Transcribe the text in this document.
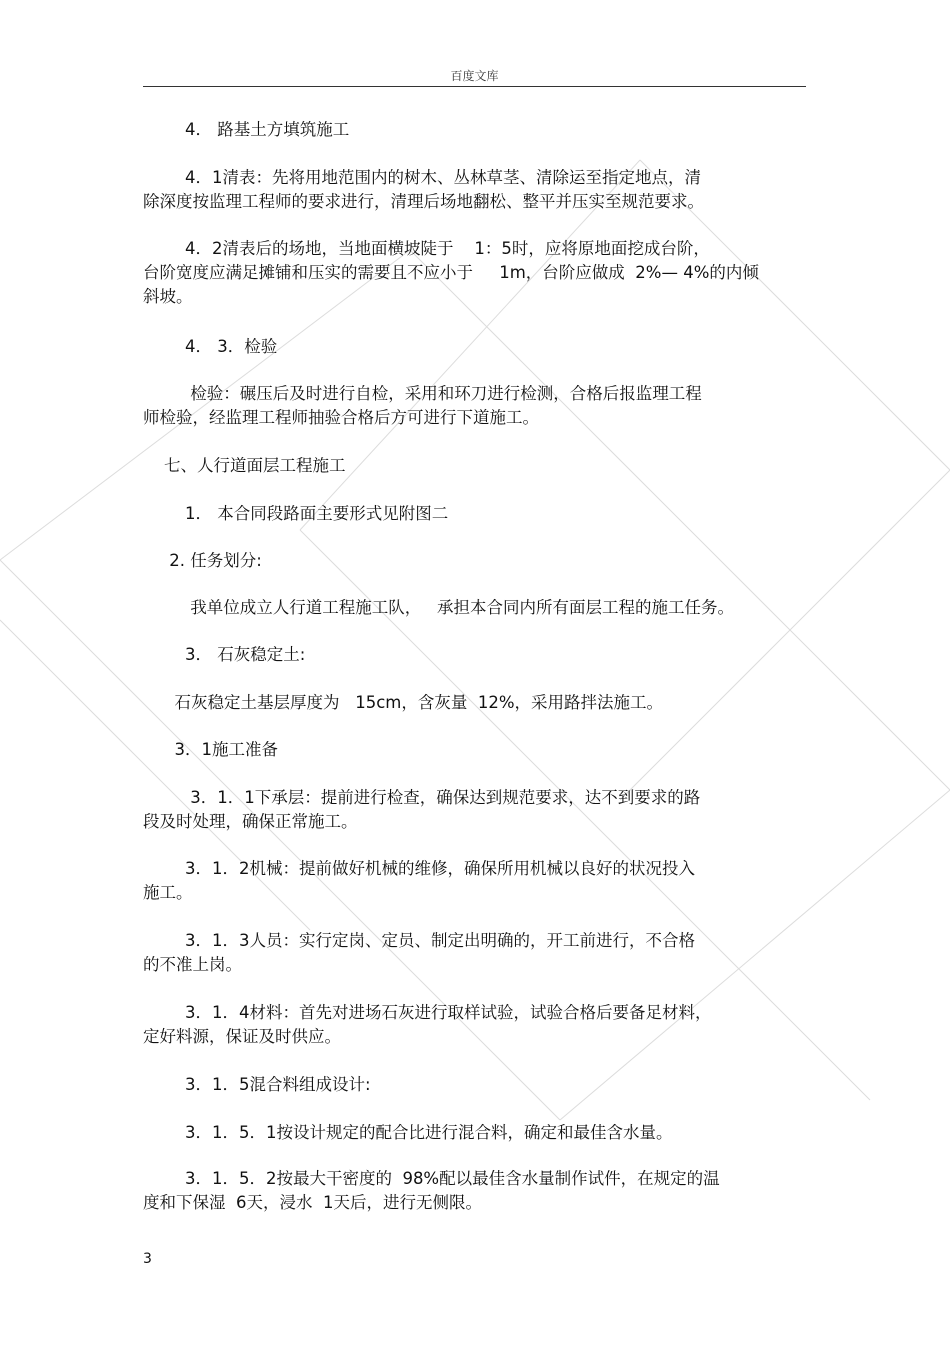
百度文库
4． 路基土方填筑施工
4．1清表：先将用地范围内的树木、丛林草茎、清除运至指定地点，清
除深度按监理工程师的要求进行，清理后场地翻松、整平并压实至规范要求。
4．2清表后的场地，当地面横坡陡于    1：5时，应将原地面挖成台阶，
台阶宽度应满足摊铺和压实的需要且不应小于     1m，台阶应做成  2%— 4%的内倾
斜坡。
4． 3．检验
检验：碾压后及时进行自检，采用和环刀进行检测，合格后报监理工程
师检验，经监理工程师抽验合格后方可进行下道施工。
七、人行道面层工程施工
1． 本合同段路面主要形式见附图二
2. 任务划分:
我单位成立人行道工程施工队，   承担本合同内所有面层工程的施工任务。
3． 石灰稳定土:
石灰稳定土基层厚度为   15cm，含灰量  12%，采用路拌法施工。
3．1施工准备
3．1．1下承层：提前进行检查，确保达到规范要求，达不到要求的路
段及时处理，确保正常施工。
3．1．2机械：提前做好机械的维修，确保所用机械以良好的状况投入
施工。
3．1．3人员：实行定岗、定员、制定出明确的，开工前进行，不合格
的不准上岗。
3．1．4材料：首先对进场石灰进行取样试验，试验合格后要备足材料，
定好料源，保证及时供应。
3．1．5混合料组成设计:
3．1．5．1按设计规定的配合比进行混合料，确定和最佳含水量。
3．1．5．2按最大干密度的  98%配以最佳含水量制作试件，在规定的温
度和下保湿  6天，浸水  1天后，进行无侧限。
3
